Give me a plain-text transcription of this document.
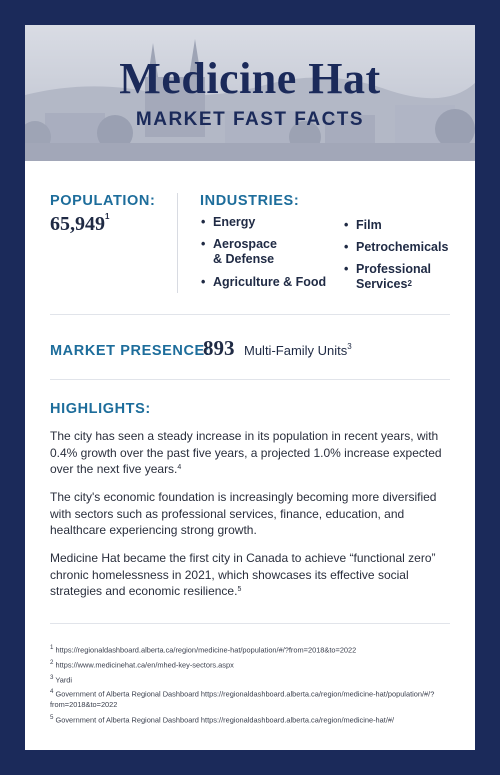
Medicine Hat
MARKET FAST FACTS
POPULATION:
65,949$^1$
INDUSTRIES:
• Energy
• Aerospace
& Defense
• Agriculture & Food
• Film
• Petrochemicals
• Professional
Services$^2$
MARKET PRESENCE:
893 Multi-Family Units$^3$
HIGHLIGHTS:
The city has seen a steady increase in its population in recent years, with 0.4% growth over the past five years, a projected 1.0% increase expected over the next five years.$^4$
The city's economic foundation is increasingly becoming more diversified with sectors such as professional services, finance, education, and healthcare experiencing strong growth.
Medicine Hat became the first city in Canada to achieve “functional zero” chronic homelessness in 2021, which showcases its effective social strategies and economic resilience.$^5$
$^1$ https://regionaldashboard.alberta.ca/region/medicine-hat/population/#/?from=2018&to=2022
$^2$ https://www.medicinehat.ca/en/mhed-key-sectors.aspx
$^3$ Yardi
$^4$ Government of Alberta Regional Dashboard https://regionaldashboard.alberta.ca/region/medicine-hat/population/#/?from=2018&to=2022
$^5$ Government of Alberta Regional Dashboard https://regionaldashboard.alberta.ca/region/medicine-hat/#/
